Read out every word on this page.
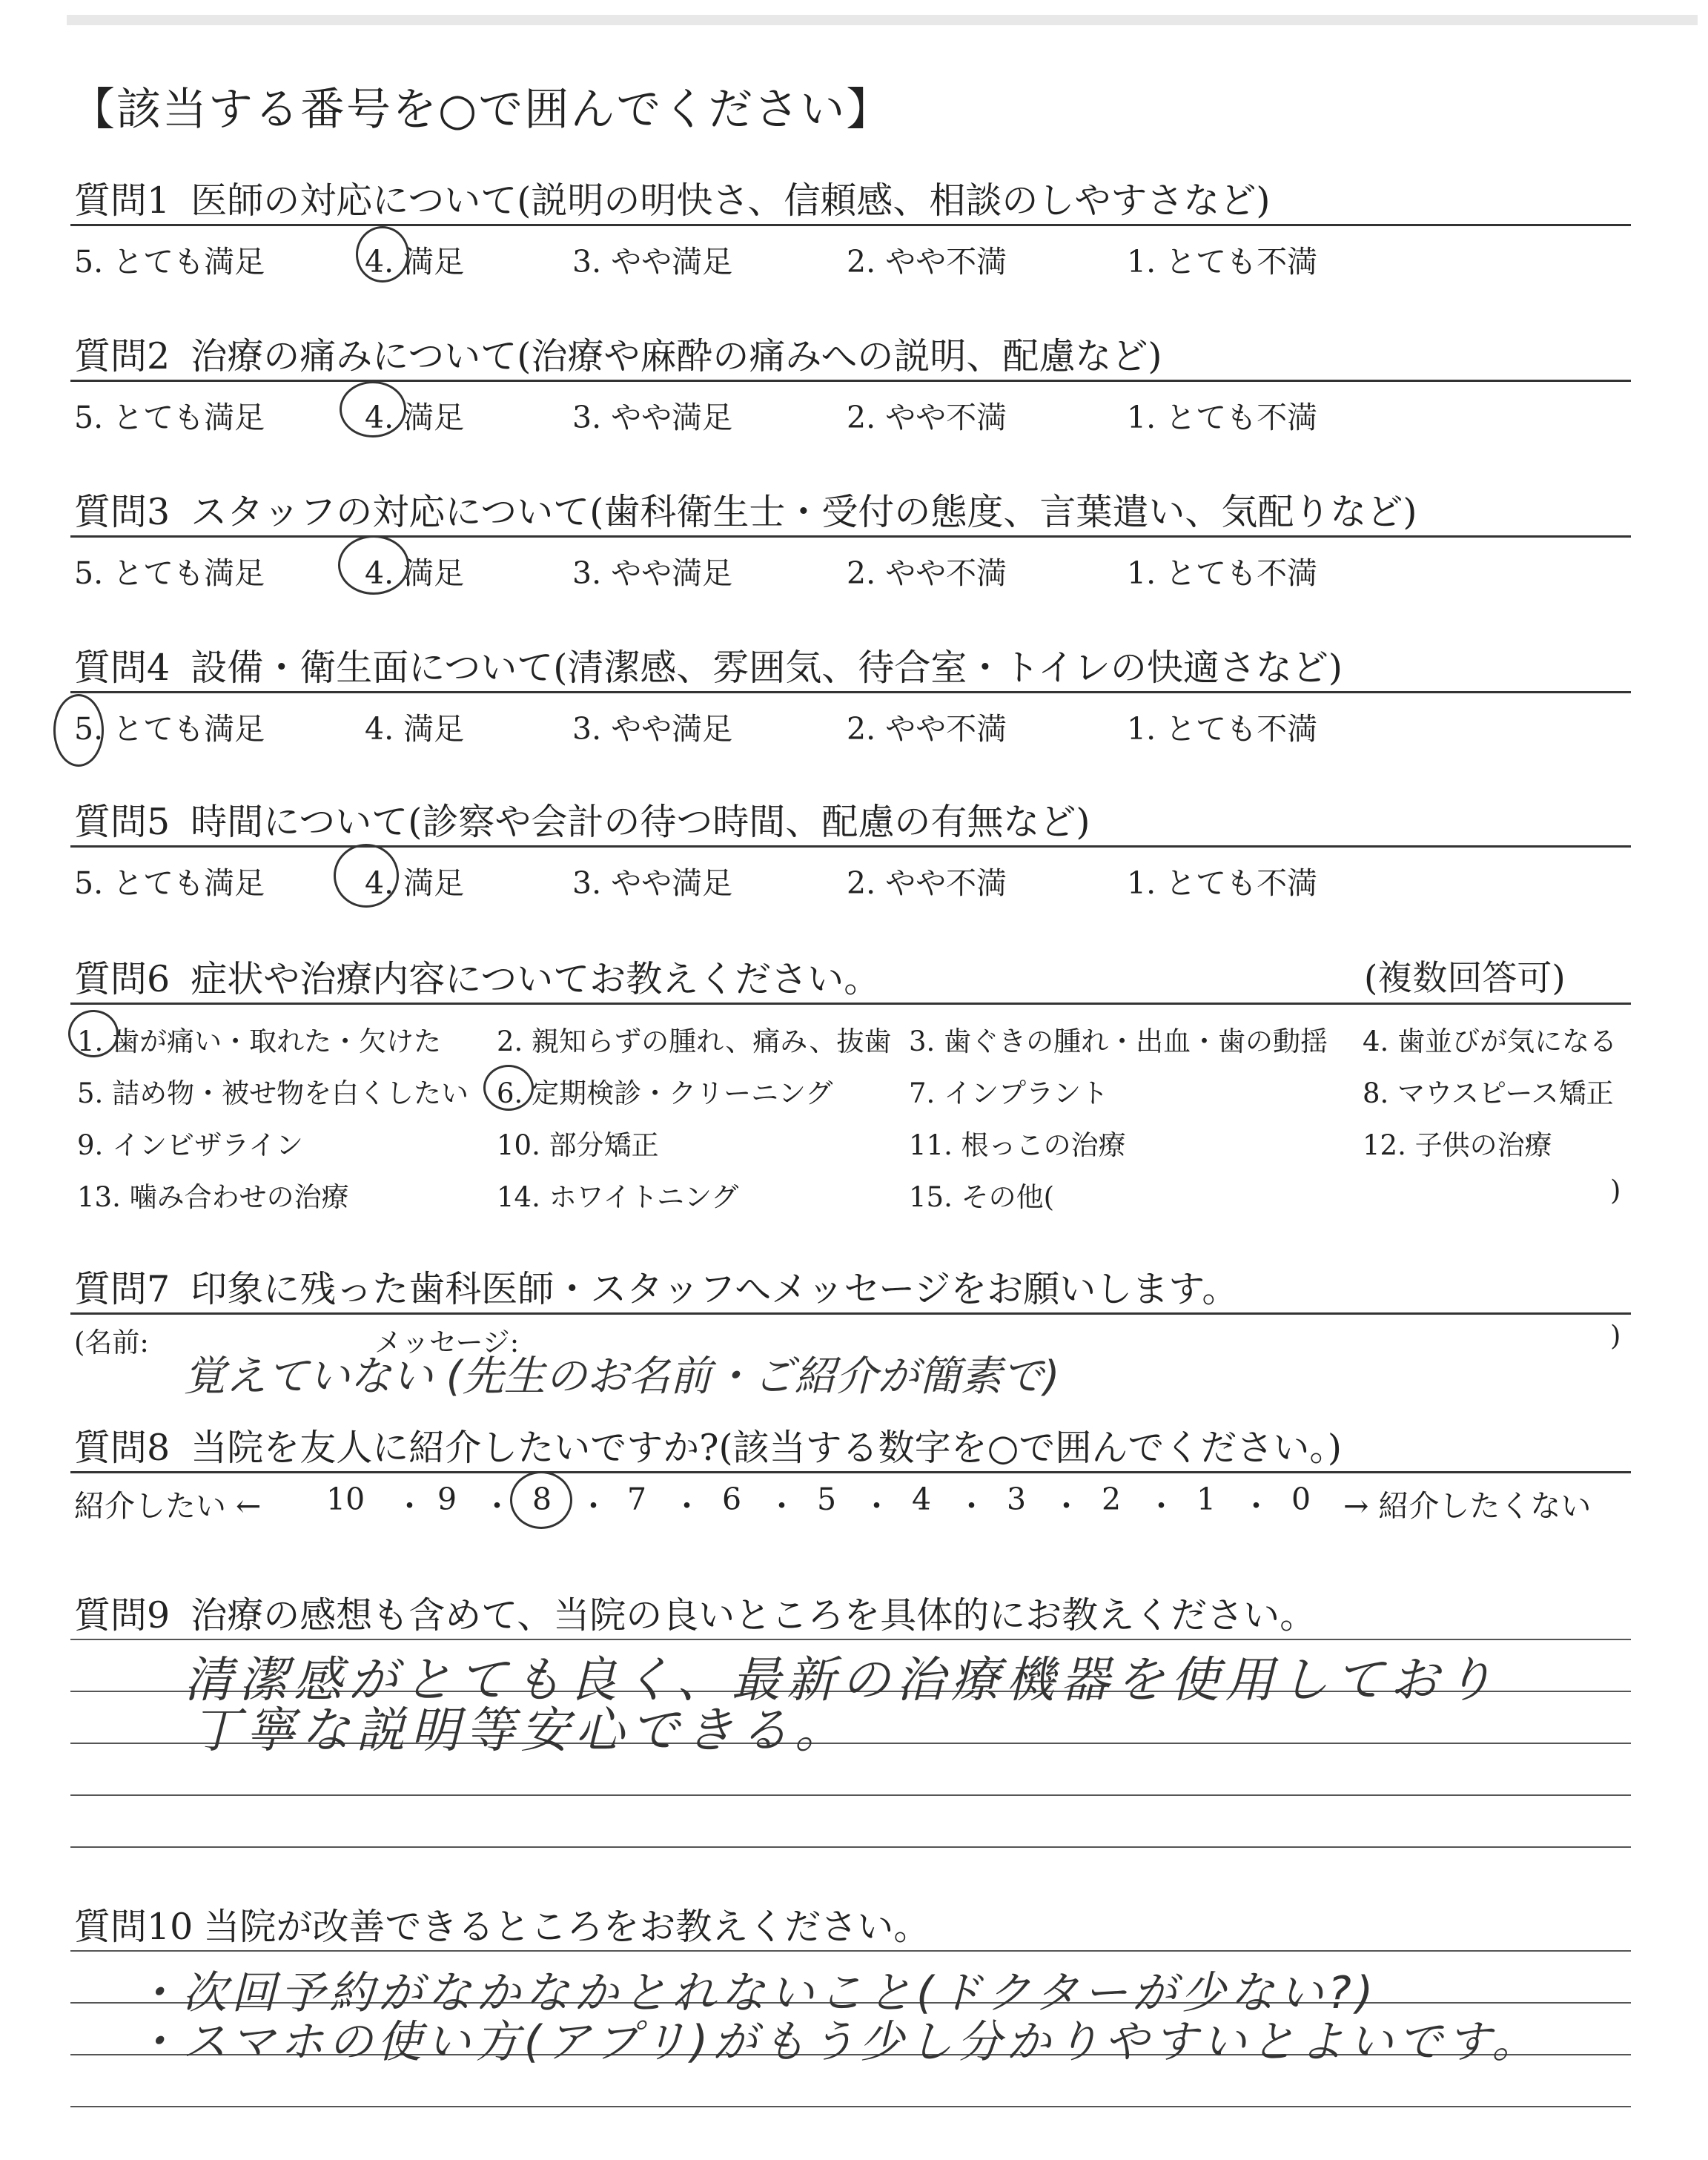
【該当する番号を○で囲んでください】
質問1 医師の対応について(説明の明快さ、信頼感、相談のしやすさなど)
5. とても満足	4. 満足	3. やや満足	2. やや不満	1. とても不満
質問2 治療の痛みについて(治療や麻酔の痛みへの説明、配慮など)
5. とても満足	4. 満足	3. やや満足	2. やや不満	1. とても不満
質問3 スタッフの対応について(歯科衛生士・受付の態度、言葉遣い、気配りなど)
5. とても満足	4. 満足	3. やや満足	2. やや不満	1. とても不満
質問4 設備・衛生面について(清潔感、雰囲気、待合室・トイレの快適さなど)
5. とても満足	4. 満足	3. やや満足	2. やや不満	1. とても不満
質問5 時間について(診察や会計の待つ時間、配慮の有無など)
5. とても満足	4. 満足	3. やや満足	2. やや不満	1. とても不満
質問6 症状や治療内容についてお教えください。	(複数回答可)
1. 歯が痛い・取れた・欠けた 2. 親知らずの腫れ、痛み、抜歯 3. 歯ぐきの腫れ・出血・歯の動揺 4. 歯並びが気になる
5. 詰め物・被せ物を白くしたい 6. 定期検診・クリーニング	7. インプラント	8. マウスピース矯正
9. インビザライン	10. 部分矯正	11. 根っこの治療	12. 子供の治療
13. 噛み合わせの治療	14. ホワイトニング	15. その他(	)
質問7 印象に残った歯科医師・スタッフへメッセージをお願いします。
(名前:	メッセージ:	)
覚えていない (先生のお名前・ご紹介が簡素で)
質問8 当院を友人に紹介したいですか?(該当する数字を○で囲んでください。)
紹介したい ←	→ 紹介したくない
10 ・ 9 ・ 8 ・ 7 ・ 6 ・ 5 ・ 4 ・ 3 ・ 2 ・ 1 ・ 0
質問9 治療の感想も含めて、当院の良いところを具体的にお教えください。
清潔感がとても良く、最新の治療機器を使用しており
丁寧な説明等安心できる。
質問10 当院が改善できるところをお教えください。
・次回予約がなかなかとれないこと(ドクターが少ない?)
・スマホの使い方(アプリ)がもう少し分かりやすいとよいです。
